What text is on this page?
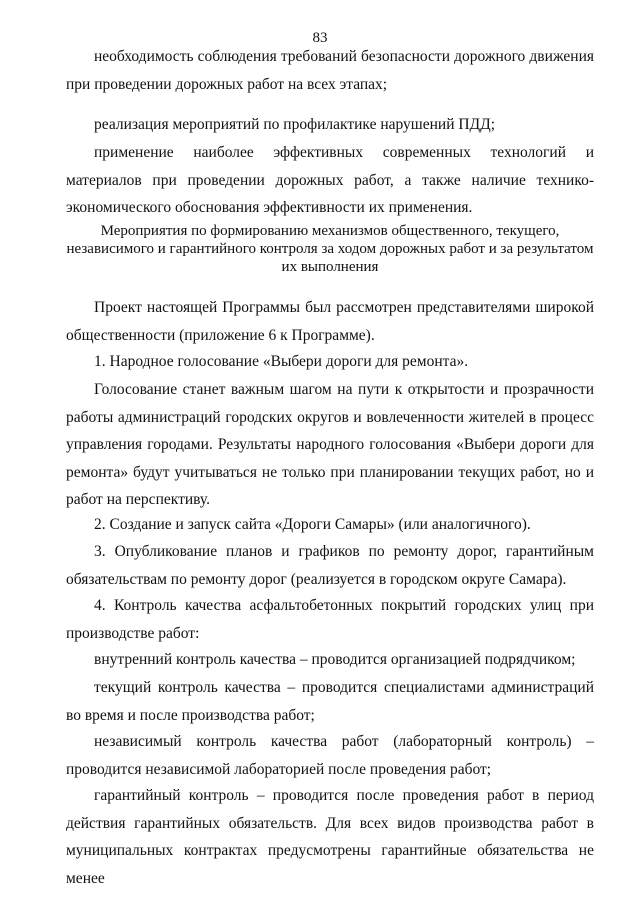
83

необходимость соблюдения требований безопасности дорожного движения при проведении дорожных работ на всех этапах;

реализация мероприятий по профилактике нарушений ПДД;

применение наиболее эффективных современных технологий и материалов при проведении дорожных работ, а также наличие технико-экономического обоснования эффективности их применения.

Мероприятия по формированию механизмов общественного, текущего, независимого и гарантийного контроля за ходом дорожных работ и за результатом их выполнения

Проект настоящей Программы был рассмотрен представителями широкой общественности (приложение 6 к Программе).

1. Народное голосование «Выбери дороги для ремонта».

Голосование станет важным шагом на пути к открытости и прозрачности работы администраций городских округов и вовлеченности жителей в процесс управления городами. Результаты народного голосования «Выбери дороги для ремонта» будут учитываться не только при планировании текущих работ, но и работ на перспективу.

2. Создание и запуск сайта «Дороги Самары» (или аналогичного).

3. Опубликование планов и графиков по ремонту дорог, гарантийным обязательствам по ремонту дорог (реализуется в городском округе Самара).

4. Контроль качества асфальтобетонных покрытий городских улиц при производстве работ:

внутренний контроль качества – проводится организацией подрядчиком;

текущий контроль качества – проводится специалистами администраций во время и после производства работ;

независимый контроль качества работ (лабораторный контроль) – проводится независимой лабораторией после проведения работ;

гарантийный контроль – проводится после проведения работ в период действия гарантийных обязательств. Для всех видов производства работ в муниципальных контрактах предусмотрены гарантийные обязательства не менее
